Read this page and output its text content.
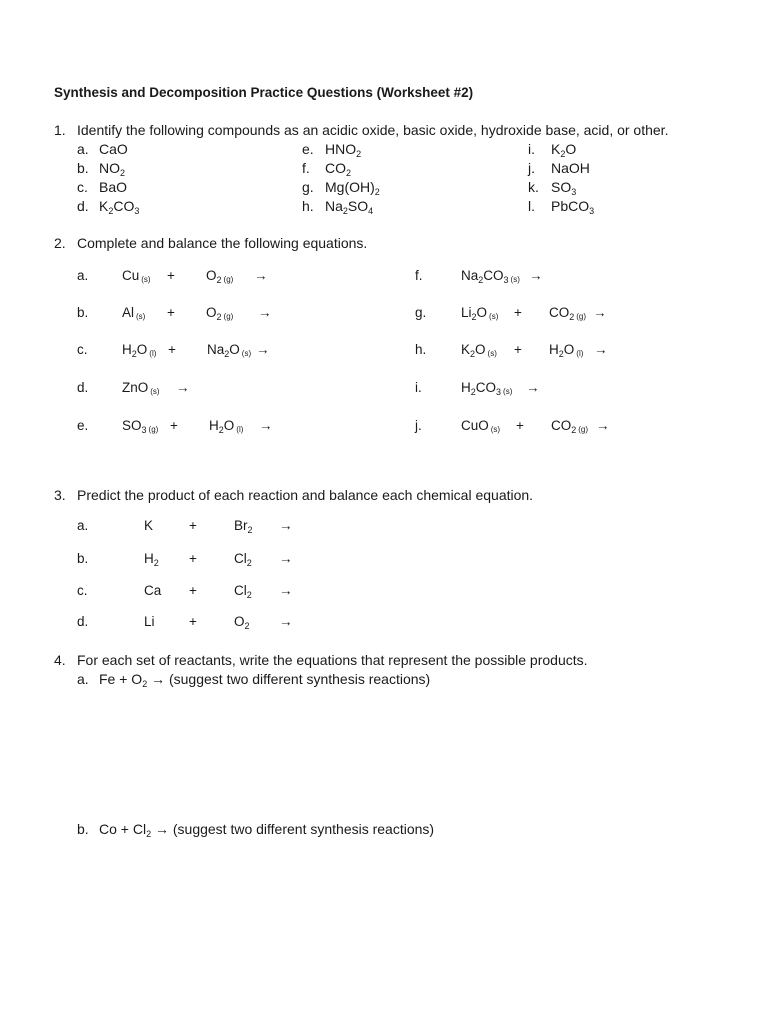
Synthesis and Decomposition Practice Questions (Worksheet #2)
1. Identify the following compounds as an acidic oxide, basic oxide, hydroxide base, acid, or other.
a. CaO
b. $NO_2$
c. BaO
d. $K_2CO_3$
e. $HNO_2$
f. $CO_2$
g. $Mg(OH)_2$
h. $Na_2SO_4$
i. $K_2O$
j. NaOH
k. $SO_3$
l. PbCO$_3$
2. Complete and balance the following equations.
a. Cu $(s) + O_2$ (g) →
b. Al $(s) + O_2$ (g) →
c.	$H_2O$ $(l) + Na_2O$ (s) →
d. ZnO (s) →
e. $SO_3$ $(g) + H_2O$ (l) →
f.	$Na_2CO_3$ (s) →
g.	$Li_2O$ $(s) + CO_2$ (g) →
h.	$K_2O$ $(s) + H_2O$ (l) →
i.	$H_2CO_3$ (s) →
j.	CuO $(s) + CO_2$ (g) →
3. Predict the product of each reaction and balance each chemical equation.
a.	K	+	$Br_2$ →
b.	$H_2$ +	$Cl_2$ →
c.	Ca +	$Cl_2$ →
d.	Li	+	$O_2$ →
4. For each set of reactants, write the equations that represent the possible products.
a. $Fe + O_2$ → (suggest two different synthesis reactions)
b. $Co + Cl_2$ → (suggest two different synthesis reactions)
